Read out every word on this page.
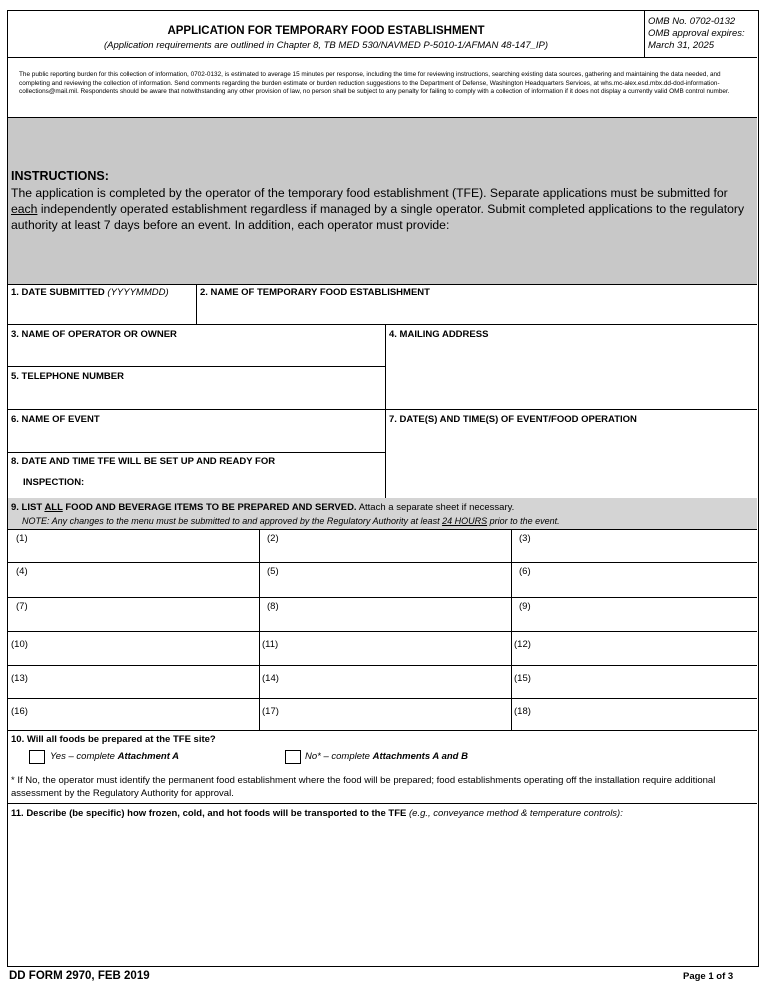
APPLICATION FOR TEMPORARY FOOD ESTABLISHMENT
(Application requirements are outlined in Chapter 8, TB MED 530/NAVMED P-5010-1/AFMAN 48-147_IP)
OMB No. 0702-0132
OMB approval expires:
March 31, 2025
The public reporting burden for this collection of information, 0702-0132, is estimated to average 15 minutes per response, including the time for reviewing instructions, searching existing data sources, gathering and maintaining the data needed, and completing and reviewing the collection of information. Send comments regarding the burden estimate or burden reduction suggestions to the Department of Defense, Washington Headquarters Services, at whs.mc-alex.esd.mbx.dd-dod-information-collections@mail.mil. Respondents should be aware that notwithstanding any other provision of law, no person shall be subject to any penalty for failing to comply with a collection of information if it does not display a currently valid OMB control number.
INSTRUCTIONS:
The application is completed by the operator of the temporary food establishment (TFE). Separate applications must be submitted for each independently operated establishment regardless if managed by a single operator. Submit completed applications to the regulatory authority at least 7 days before an event. In addition, each operator must provide:
1. DATE SUBMITTED (YYYYMMDD)	2. NAME OF TEMPORARY FOOD ESTABLISHMENT
3. NAME OF OPERATOR OR OWNER	4. MAILING ADDRESS
5. TELEPHONE NUMBER
6. NAME OF EVENT	7. DATE(S) AND TIME(S) OF EVENT/FOOD OPERATION
8. DATE AND TIME TFE WILL BE SET UP AND READY FOR
INSPECTION:
9. LIST ALL FOOD AND BEVERAGE ITEMS TO BE PREPARED AND SERVED. Attach a separate sheet if necessary.
NOTE: Any changes to the menu must be submitted to and approved by the Regulatory Authority at least 24 HOURS prior to the event.
(1)	(2)	(3)
(4)	(5)	(6)
(7)	(8)	(9)
(10)	(11)	(12)
(13)	(14)	(15)
(16)	(17)	(18)
10. Will all foods be prepared at the TFE site?
Yes – complete Attachment A	No* – complete Attachments A and B
* If No, the operator must identify the permanent food establishment where the food will be prepared; food establishments operating off the installation require additional assessment by the Regulatory Authority for approval.
11. Describe (be specific) how frozen, cold, and hot foods will be transported to the TFE (e.g., conveyance method & temperature controls):
DD FORM 2970, FEB 2019	Page 1 of 3
